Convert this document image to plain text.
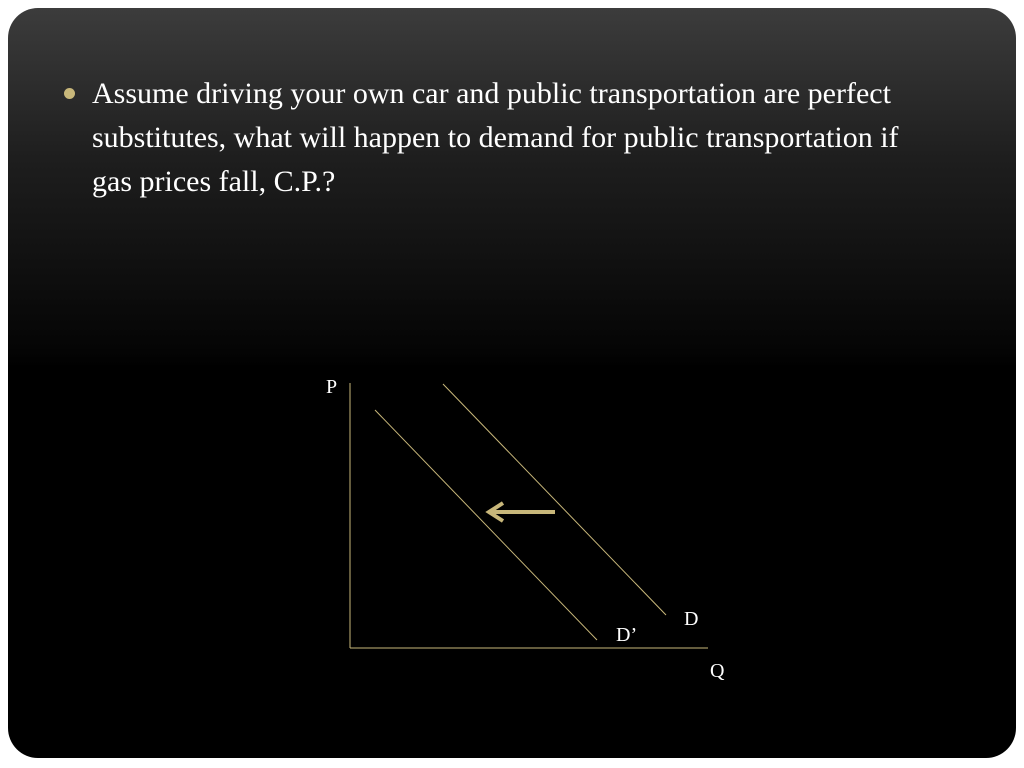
Assume driving your own car and public transportation are perfect substitutes, what will happen to demand for public transportation if gas prices fall, C.P.?
P
Q
D
D’
